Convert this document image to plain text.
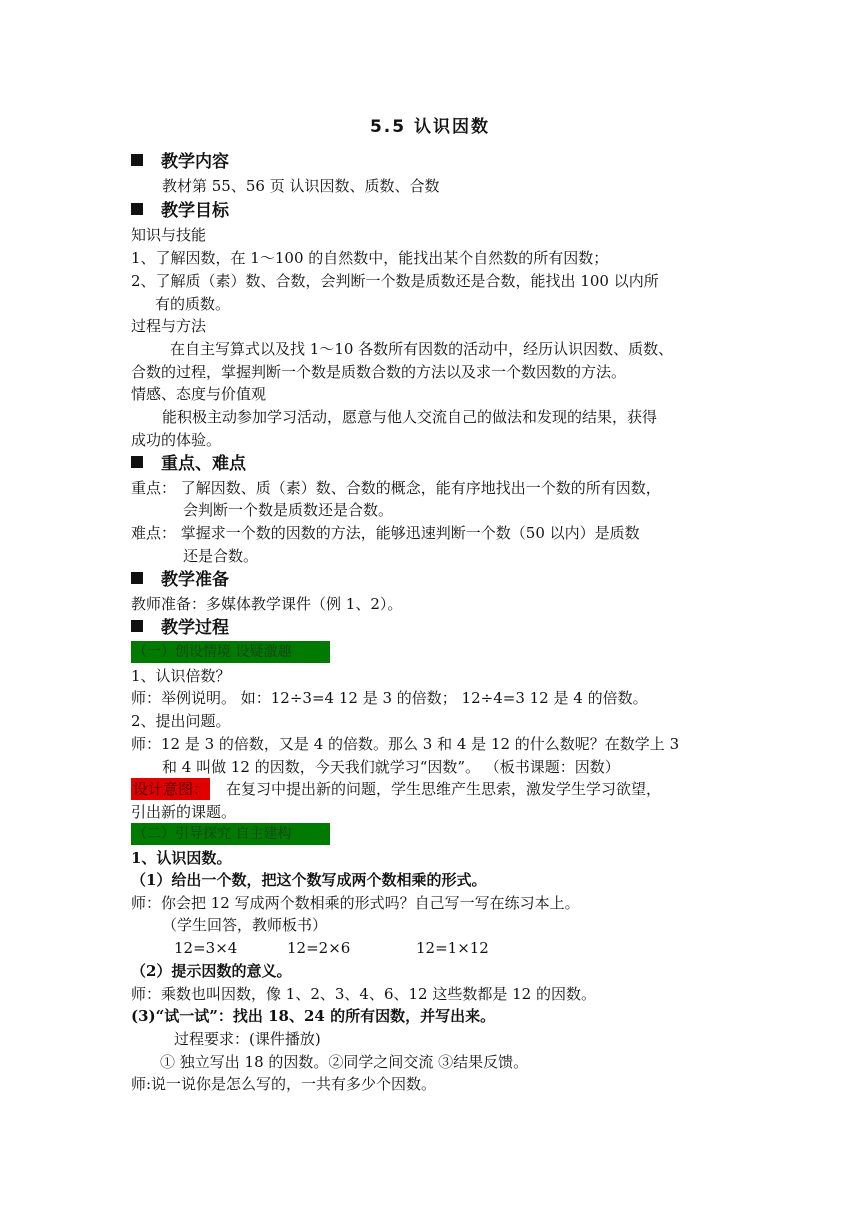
5.5 认识因数
教学内容
教材第 55、56 页 认识因数、质数、合数
教学目标
知识与技能
1、了解因数，在 1～100 的自然数中，能找出某个自然数的所有因数；
2、了解质（素）数、合数，会判断一个数是质数还是合数，能找出 100 以内所
有的质数。
过程与方法
在自主写算式以及找 1～10 各数所有因数的活动中，经历认识因数、质数、
合数的过程，掌握判断一个数是质数合数的方法以及求一个数因数的方法。
情感、态度与价值观
能积极主动参加学习活动，愿意与他人交流自己的做法和发现的结果，获得
成功的体验。
重点、难点
重点： 了解因数、质（素）数、合数的概念，能有序地找出一个数的所有因数，
会判断一个数是质数还是合数。
难点： 掌握求一个数的因数的方法，能够迅速判断一个数（50 以内）是质数
还是合数。
教学准备
教师准备：多媒体教学课件（例 1、2）。
教学过程
（一）创设情境 设疑激趣
1、认识倍数？
师：举例说明。 如：12÷3=4 12 是 3 的倍数； 12÷4=3 12 是 4 的倍数。
2、提出问题。
师：12 是 3 的倍数，又是 4 的倍数。那么 3 和 4 是 12 的什么数呢？在数学上 3
和 4 叫做 12 的因数，今天我们就学习“因数”。 （板书课题：因数）
设计意图： 在复习中提出新的问题，学生思维产生思索，激发学生学习欲望，
引出新的课题。
（二）引导探究 自主建构
1、认识因数。
（1）给出一个数，把这个数写成两个数相乘的形式。
师：你会把 12 写成两个数相乘的形式吗？自己写一写在练习本上。
（学生回答，教师板书）
12=3×4	12=2×6	12=1×12
（2）提示因数的意义。
师：乘数也叫因数，像 1、2、3、4、6、12 这些数都是 12 的因数。
(3)“试一试”：找出 18、24 的所有因数，并写出来。
过程要求：(课件播放)
① 独立写出 18 的因数。②同学之间交流 ③结果反馈。
师:说一说你是怎么写的，一共有多少个因数。
